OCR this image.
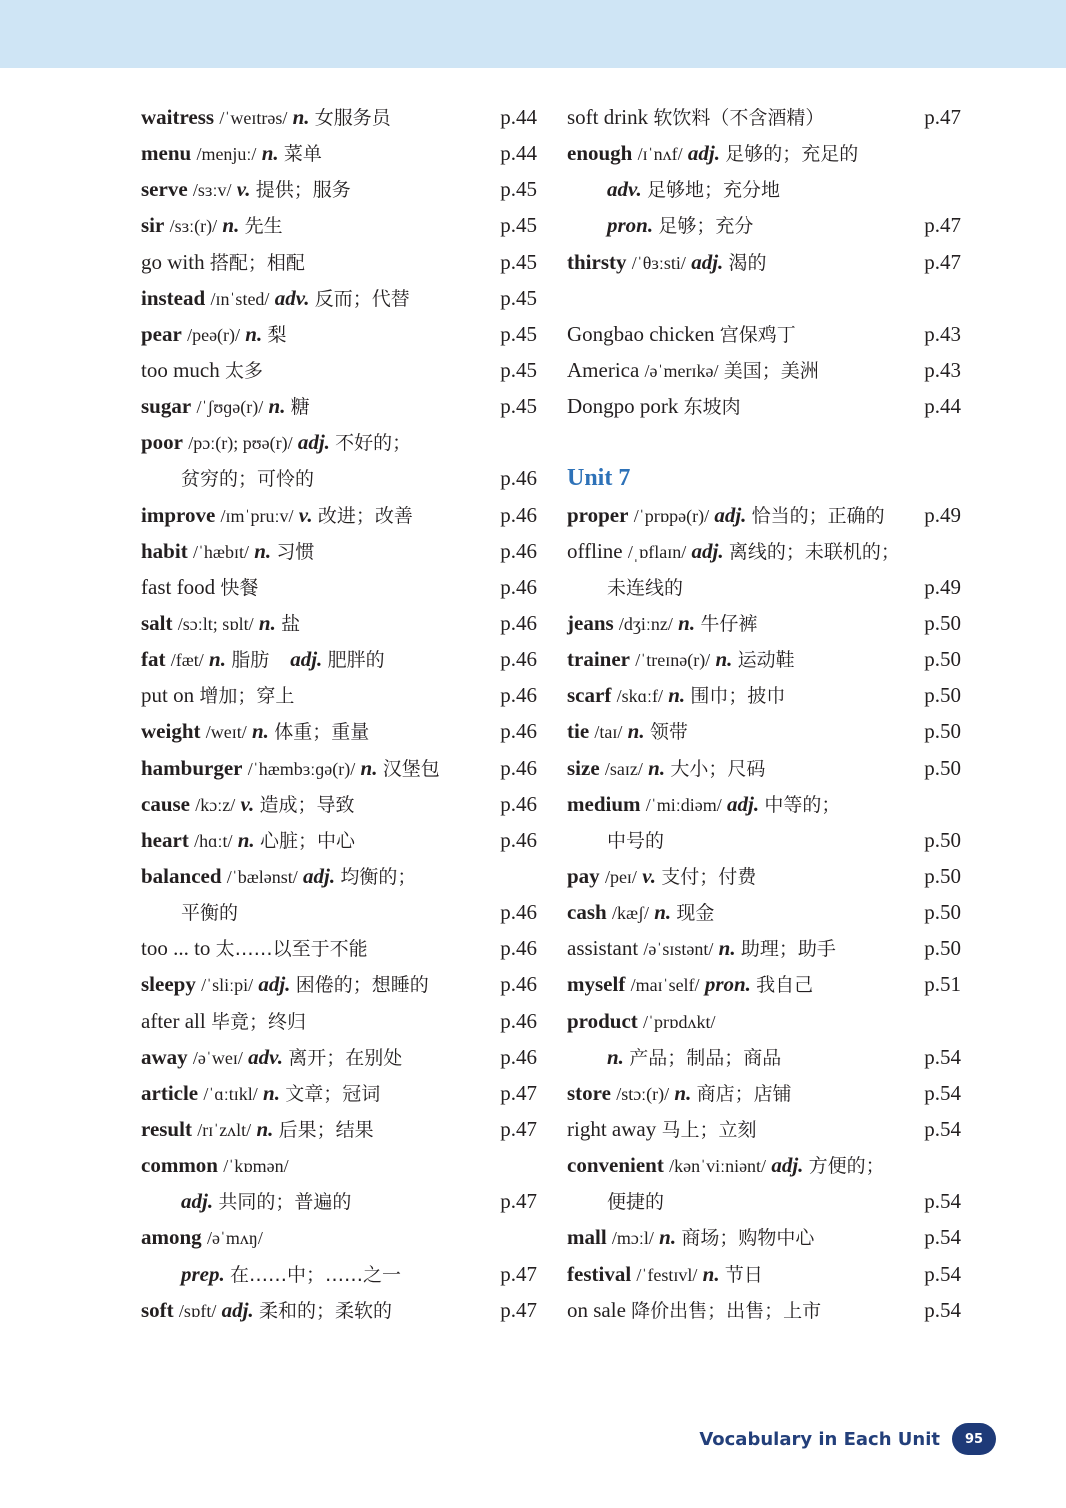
waitress /ˈweɪtrəs/ n. 女服务员	p.44
menu /menjuː/ n. 菜单	p.44
serve /sɜːv/ v. 提供；服务	p.45
sir /sɜː(r)/ n. 先生	p.45
go with 搭配；相配	p.45
instead /ɪnˈsted/ adv. 反而；代替	p.45
pear /peə(r)/ n. 梨	p.45
too much 太多	p.45
sugar /ˈʃʊɡə(r)/ n. 糖	p.45
poor /pɔː(r); pʊə(r)/ adj. 不好的；
贫穷的；可怜的	p.46
improve /ɪmˈpruːv/ v. 改进；改善	p.46
habit /ˈhæbɪt/ n. 习惯	p.46
fast food 快餐	p.46
salt /sɔːlt; sɒlt/ n. 盐	p.46
fat /fæt/ n. 脂肪 adj. 肥胖的	p.46
put on 增加；穿上	p.46
weight /weɪt/ n. 体重；重量	p.46
hamburger /ˈhæmbɜːɡə(r)/ n. 汉堡包	p.46
cause /kɔːz/ v. 造成；导致	p.46
heart /hɑːt/ n. 心脏；中心	p.46
balanced /ˈbælənst/ adj. 均衡的；
平衡的	p.46
too ... to 太……以至于不能	p.46
sleepy /ˈsliːpi/ adj. 困倦的；想睡的	p.46
after all 毕竟；终归	p.46
away /əˈweɪ/ adv. 离开；在别处	p.46
article /ˈɑːtɪkl/ n. 文章；冠词	p.47
result /rɪˈzʌlt/ n. 后果；结果	p.47
common /ˈkɒmən/
adj. 共同的；普遍的	p.47
among /əˈmʌŋ/
prep. 在……中；……之一	p.47
soft /sɒft/ adj. 柔和的；柔软的	p.47
soft drink 软饮料（不含酒精）	p.47
enough /ɪˈnʌf/ adj. 足够的；充足的
adv. 足够地；充分地
pron. 足够；充分	p.47
thirsty /ˈθɜːsti/ adj. 渴的	p.47
Gongbao chicken 宫保鸡丁	p.43
America /əˈmerɪkə/ 美国；美洲	p.43
Dongpo pork 东坡肉	p.44
Unit 7
proper /ˈprɒpə(r)/ adj. 恰当的；正确的 p.49
offline /ˌɒflaɪn/ adj. 离线的；未联机的；
未连线的	p.49
jeans /dʒiːnz/ n. 牛仔裤	p.50
trainer /ˈtreɪnə(r)/ n. 运动鞋	p.50
scarf /skɑːf/ n. 围巾；披巾	p.50
tie /taɪ/ n. 领带	p.50
size /saɪz/ n. 大小；尺码	p.50
medium /ˈmiːdiəm/ adj. 中等的；
中号的	p.50
pay /peɪ/ v. 支付；付费	p.50
cash /kæʃ/ n. 现金	p.50
assistant /əˈsɪstənt/ n. 助理；助手	p.50
myself /maɪˈself/ pron. 我自己	p.51
product /ˈprɒdʌkt/
n. 产品；制品；商品	p.54
store /stɔː(r)/ n. 商店；店铺	p.54
right away 马上；立刻	p.54
convenient /kənˈviːniənt/ adj. 方便的；
便捷的	p.54
mall /mɔːl/ n. 商场；购物中心	p.54
festival /ˈfestɪvl/ n. 节日	p.54
on sale 降价出售；出售；上市	p.54
Vocabulary in Each Unit	95
